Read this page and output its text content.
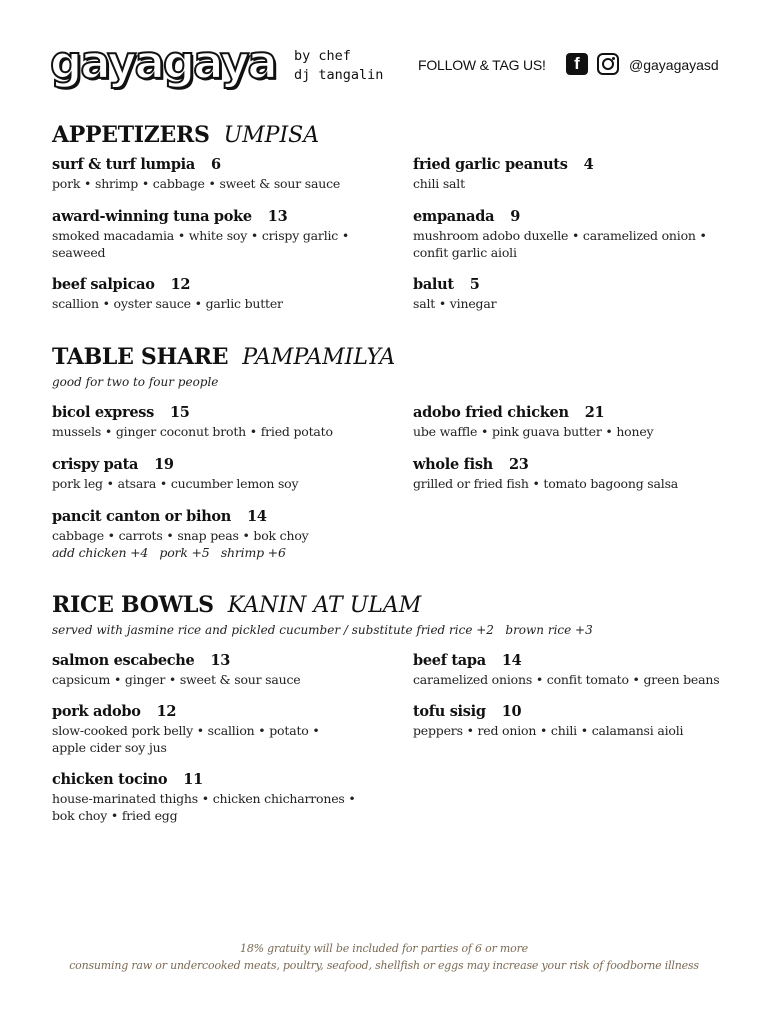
gayagaya by chef
dj tangalin
FOLLOW & TAG US!	f	@gayagayasd
APPETIZERS UMPISA
surf & turf lumpia 6
pork • shrimp • cabbage • sweet & sour sauce
fried garlic peanuts 4
chili salt
award-winning tuna poke 13
smoked macadamia • white soy • crispy garlic • seaweed
empanada 9
mushroom adobo duxelle • caramelized onion • confit garlic aioli
beef salpicao 12
scallion • oyster sauce • garlic butter
balut 5
salt • vinegar
TABLE SHARE PAMPAMILYA
good for two to four people
bicol express 15
mussels • ginger coconut broth • fried potato
adobo fried chicken 21
ube waffle • pink guava butter • honey
crispy pata 19
pork leg • atsara • cucumber lemon soy
whole fish 23
grilled or fried fish • tomato bagoong salsa
pancit canton or bihon 14
cabbage • carrots • snap peas • bok choy
add chicken +4   pork +5   shrimp +6
RICE BOWLS KANIN AT ULAM
served with jasmine rice and pickled cucumber / substitute fried rice +2   brown rice +3
salmon escabeche 13
capsicum • ginger • sweet & sour sauce
beef tapa 14
caramelized onions • confit tomato • green beans
pork adobo 12
slow-cooked pork belly • scallion • potato • apple cider soy jus
tofu sisig 10
peppers • red onion • chili • calamansi aioli
chicken tocino 11
house-marinated thighs • chicken chicharrones • bok choy • fried egg
18% gratuity will be included for parties of 6 or more
consuming raw or undercooked meats, poultry, seafood, shellfish or eggs may increase your risk of foodborne illness
